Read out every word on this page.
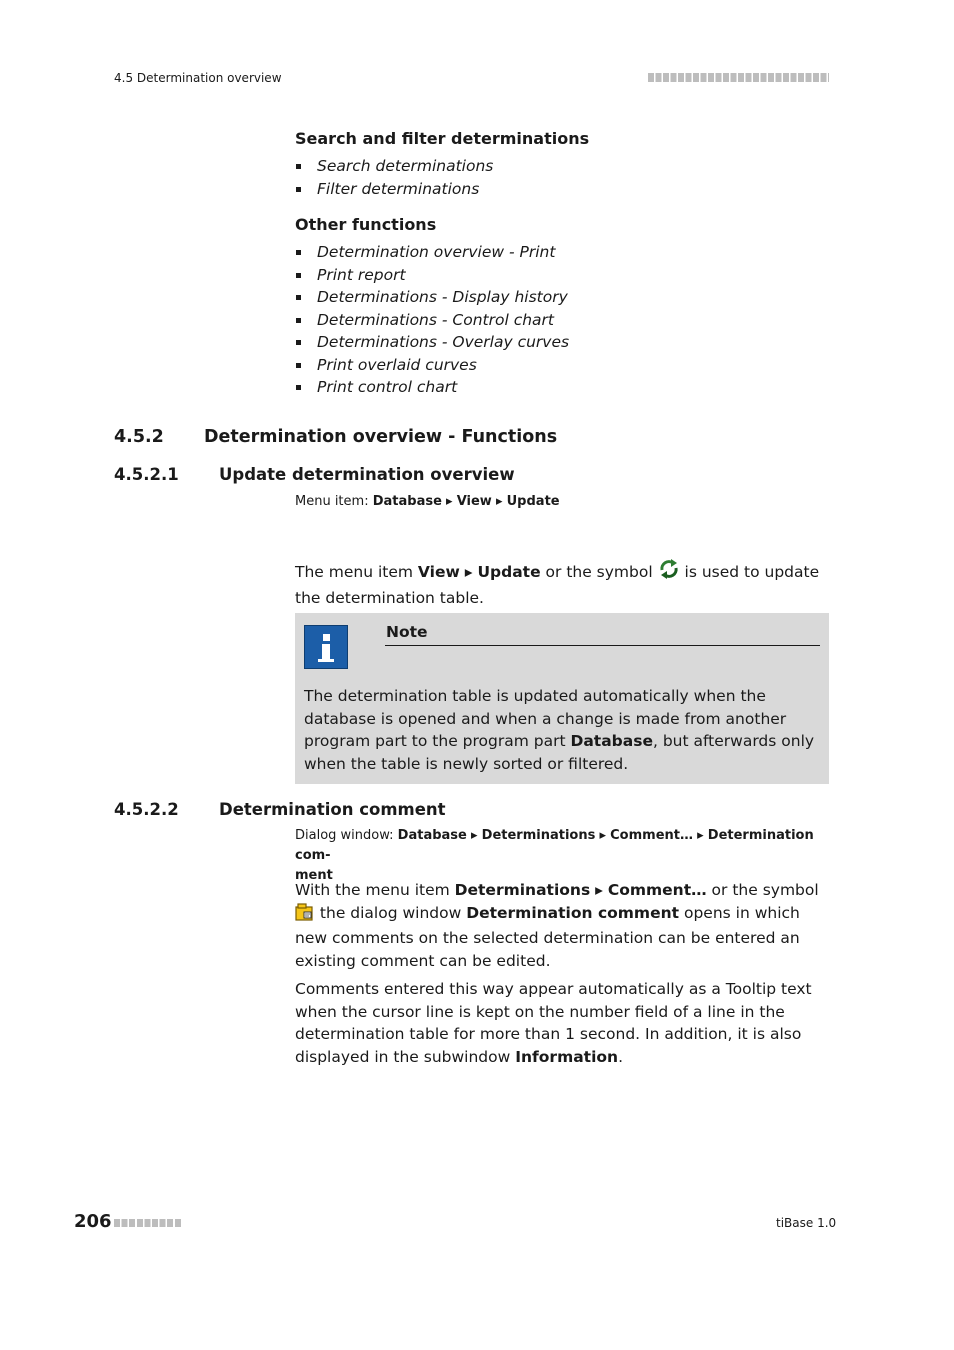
4.5 Determination overview
Search and filter determinations
Search determinations
Filter determinations
Other functions
Determination overview - Print
Print report
Determinations - Display history
Determinations - Control chart
Determinations - Overlay curves
Print overlaid curves
Print control chart
4.5.2 Determination overview - Functions
4.5.2.1 Update determination overview
Menu item: Database ▸ View ▸ Update
The menu item View ▸ Update or the symbol  is used to update the determination table.
Note
The determination table is updated automatically when the database is opened and when a change is made from another program part to the program part Database, but afterwards only when the table is newly sorted or filtered.
4.5.2.2 Determination comment
Dialog window: Database ▸ Determinations ▸ Comment… ▸ Determination com-
ment
With the menu item Determinations ▸ Comment… or the symbol  the dialog window Determination comment opens in which new comments on the selected determination can be entered an existing comment can be edited.
Comments entered this way appear automatically as a Tooltip text when the cursor line is kept on the number field of a line in the determination table for more than 1 second. In addition, it is also displayed in the subwindow Information.
206	tiBase 1.0
